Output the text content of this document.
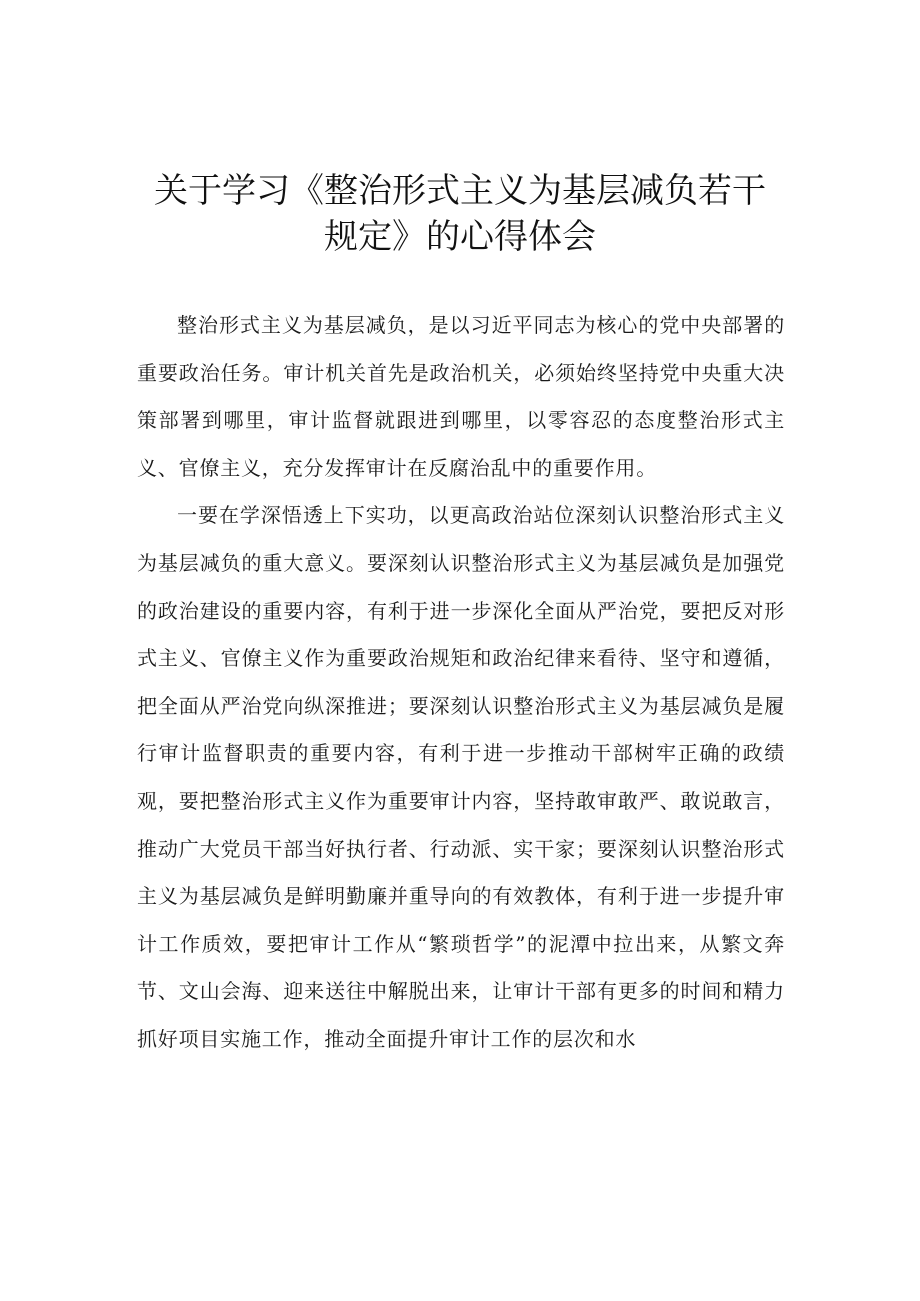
关于学习《整治形式主义为基层减负若干
规定》的心得体会

整治形式主义为基层减负，是以习近平同志为核心的党中央部署的重要政治任务。审计机关首先是政治机关，必须始终坚持党中央重大决策部署到哪里，审计监督就跟进到哪里，以零容忍的态度整治形式主义、官僚主义，充分发挥审计在反腐治乱中的重要作用。

一要在学深悟透上下实功，以更高政治站位深刻认识整治形式主义为基层减负的重大意义。要深刻认识整治形式主义为基层减负是加强党的政治建设的重要内容，有利于进一步深化全面从严治党，要把反对形式主义、官僚主义作为重要政治规矩和政治纪律来看待、坚守和遵循，把全面从严治党向纵深推进；要深刻认识整治形式主义为基层减负是履行审计监督职责的重要内容，有利于进一步推动干部树牢正确的政绩观，要把整治形式主义作为重要审计内容，坚持敢审敢严、敢说敢言，推动广大党员干部当好执行者、行动派、实干家；要深刻认识整治形式主义为基层减负是鲜明勤廉并重导向的有效教体，有利于进一步提升审计工作质效，要把审计工作从“繁琐哲学”的泥潭中拉出来，从繁文奔节、文山会海、迎来送往中解脱出来，让审计干部有更多的时间和精力抓好项目实施工作，推动全面提升审计工作的层次和水
